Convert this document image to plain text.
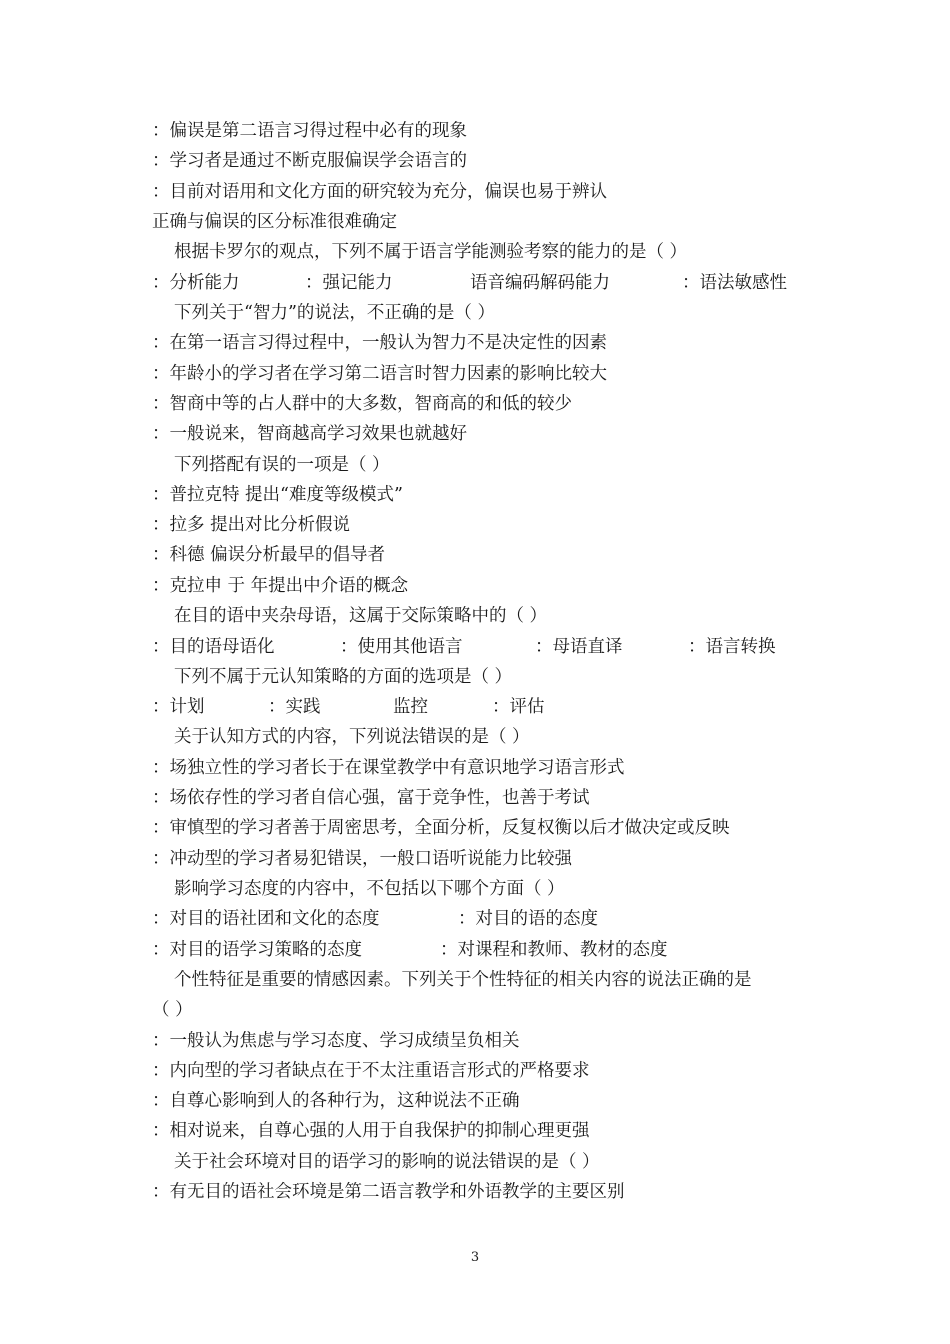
：偏误是第二语言习得过程中必有的现象
：学习者是通过不断克服偏误学会语言的
：目前对语用和文化方面的研究较为充分，偏误也易于辨认
正确与偏误的区分标准很难确定
根据卡罗尔的观点，下列不属于语言学能测验考察的能力的是（ ）
：分析能力	：强记能力	语音编码解码能力	：语法敏感性
下列关于“智力”的说法，不正确的是（ ）
：在第一语言习得过程中，一般认为智力不是决定性的因素
：年龄小的学习者在学习第二语言时智力因素的影响比较大
：智商中等的占人群中的大多数，智商高的和低的较少
：一般说来，智商越高学习效果也就越好
下列搭配有误的一项是（ ）
：普拉克特 提出“难度等级模式”
：拉多 提出对比分析假说
：科德 偏误分析最早的倡导者
：克拉申 于 年提出中介语的概念
在目的语中夹杂母语，这属于交际策略中的（ ）
：目的语母语化	：使用其他语言	：母语直译	：语言转换
下列不属于元认知策略的方面的选项是（ ）
：计划	：实践	监控	：评估
关于认知方式的内容，下列说法错误的是（ ）
：场独立性的学习者长于在课堂教学中有意识地学习语言形式
：场依存性的学习者自信心强，富于竞争性，也善于考试
：审慎型的学习者善于周密思考，全面分析，反复权衡以后才做决定或反映
：冲动型的学习者易犯错误，一般口语听说能力比较强
影响学习态度的内容中，不包括以下哪个方面（ ）
：对目的语社团和文化的态度	：对目的语的态度
：对目的语学习策略的态度	：对课程和教师、教材的态度
个性特征是重要的情感因素。下列关于个性特征的相关内容的说法正确的是
（ ）
：一般认为焦虑与学习态度、学习成绩呈负相关
：内向型的学习者缺点在于不太注重语言形式的严格要求
：自尊心影响到人的各种行为，这种说法不正确
：相对说来，自尊心强的人用于自我保护的抑制心理更强
关于社会环境对目的语学习的影响的说法错误的是（ ）
：有无目的语社会环境是第二语言教学和外语教学的主要区别
3
